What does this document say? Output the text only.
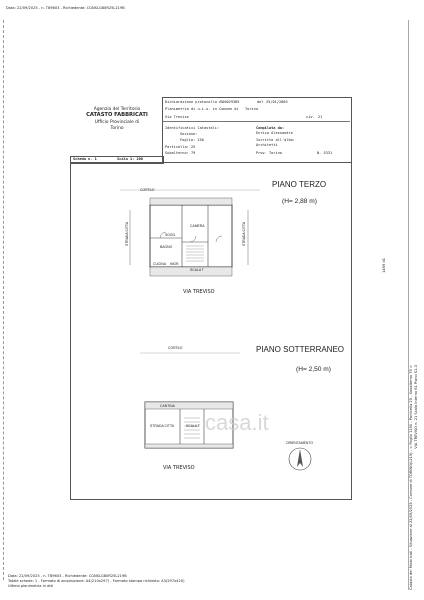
Data: 22/09/2025 - n. T89603 - Richiedente: CGNSLG80R25L219B
Agenzia del Territorio
CATASTO FABBRICATI
Ufficio Provinciale di
Torino
Dichiarazione protocollo n.
TO0029385	del 25/01/2005
Planimetria di u.i.u. in Comune di Torino
Via Treviso	civ. 21
Identificativi Catastali:
Sezione:
Foglio: 150
Particella: 25
Subalterno: 79
Compilata da:
Enrico Alessandro
Iscritto all'albo:
Architetti
Prov. Torino	N. 5331
Scheda n. 1	Scala 1: 200
PIANO TERZO
(H= 2,88 m)
CORTILE
SOGG.
CAMERA
BAGNO
CUCINA INGR.
SCALA T
STRADA CITTA	STRADA CITTA
VIA TREVISO
PIANO SOTTERRANEO
(H= 2,50 m)
CORTILE
CANTINA
STRADA CITTA	SCALA T
VIA TREVISO
casa.it
ORIENTAMENTO
Data: 22/09/2025 - n. T89603 - Richiedente: CGNSLG80R25L219B
Totale schede: 1 - Formato di acquisizione: A4(210x297) - Formato stampa richiesto: A3(297x420)
Ultima planimetria in atti	Catasto dei Fabbricati - Situazione al 22/09/2025 - Comune di TORINO(L219) - < Foglio 1150 - Particella 25 - Subalterno 79 > VIA TREVISO n. 21 Scala Interno 61 Piano S1-3
1459 d1
